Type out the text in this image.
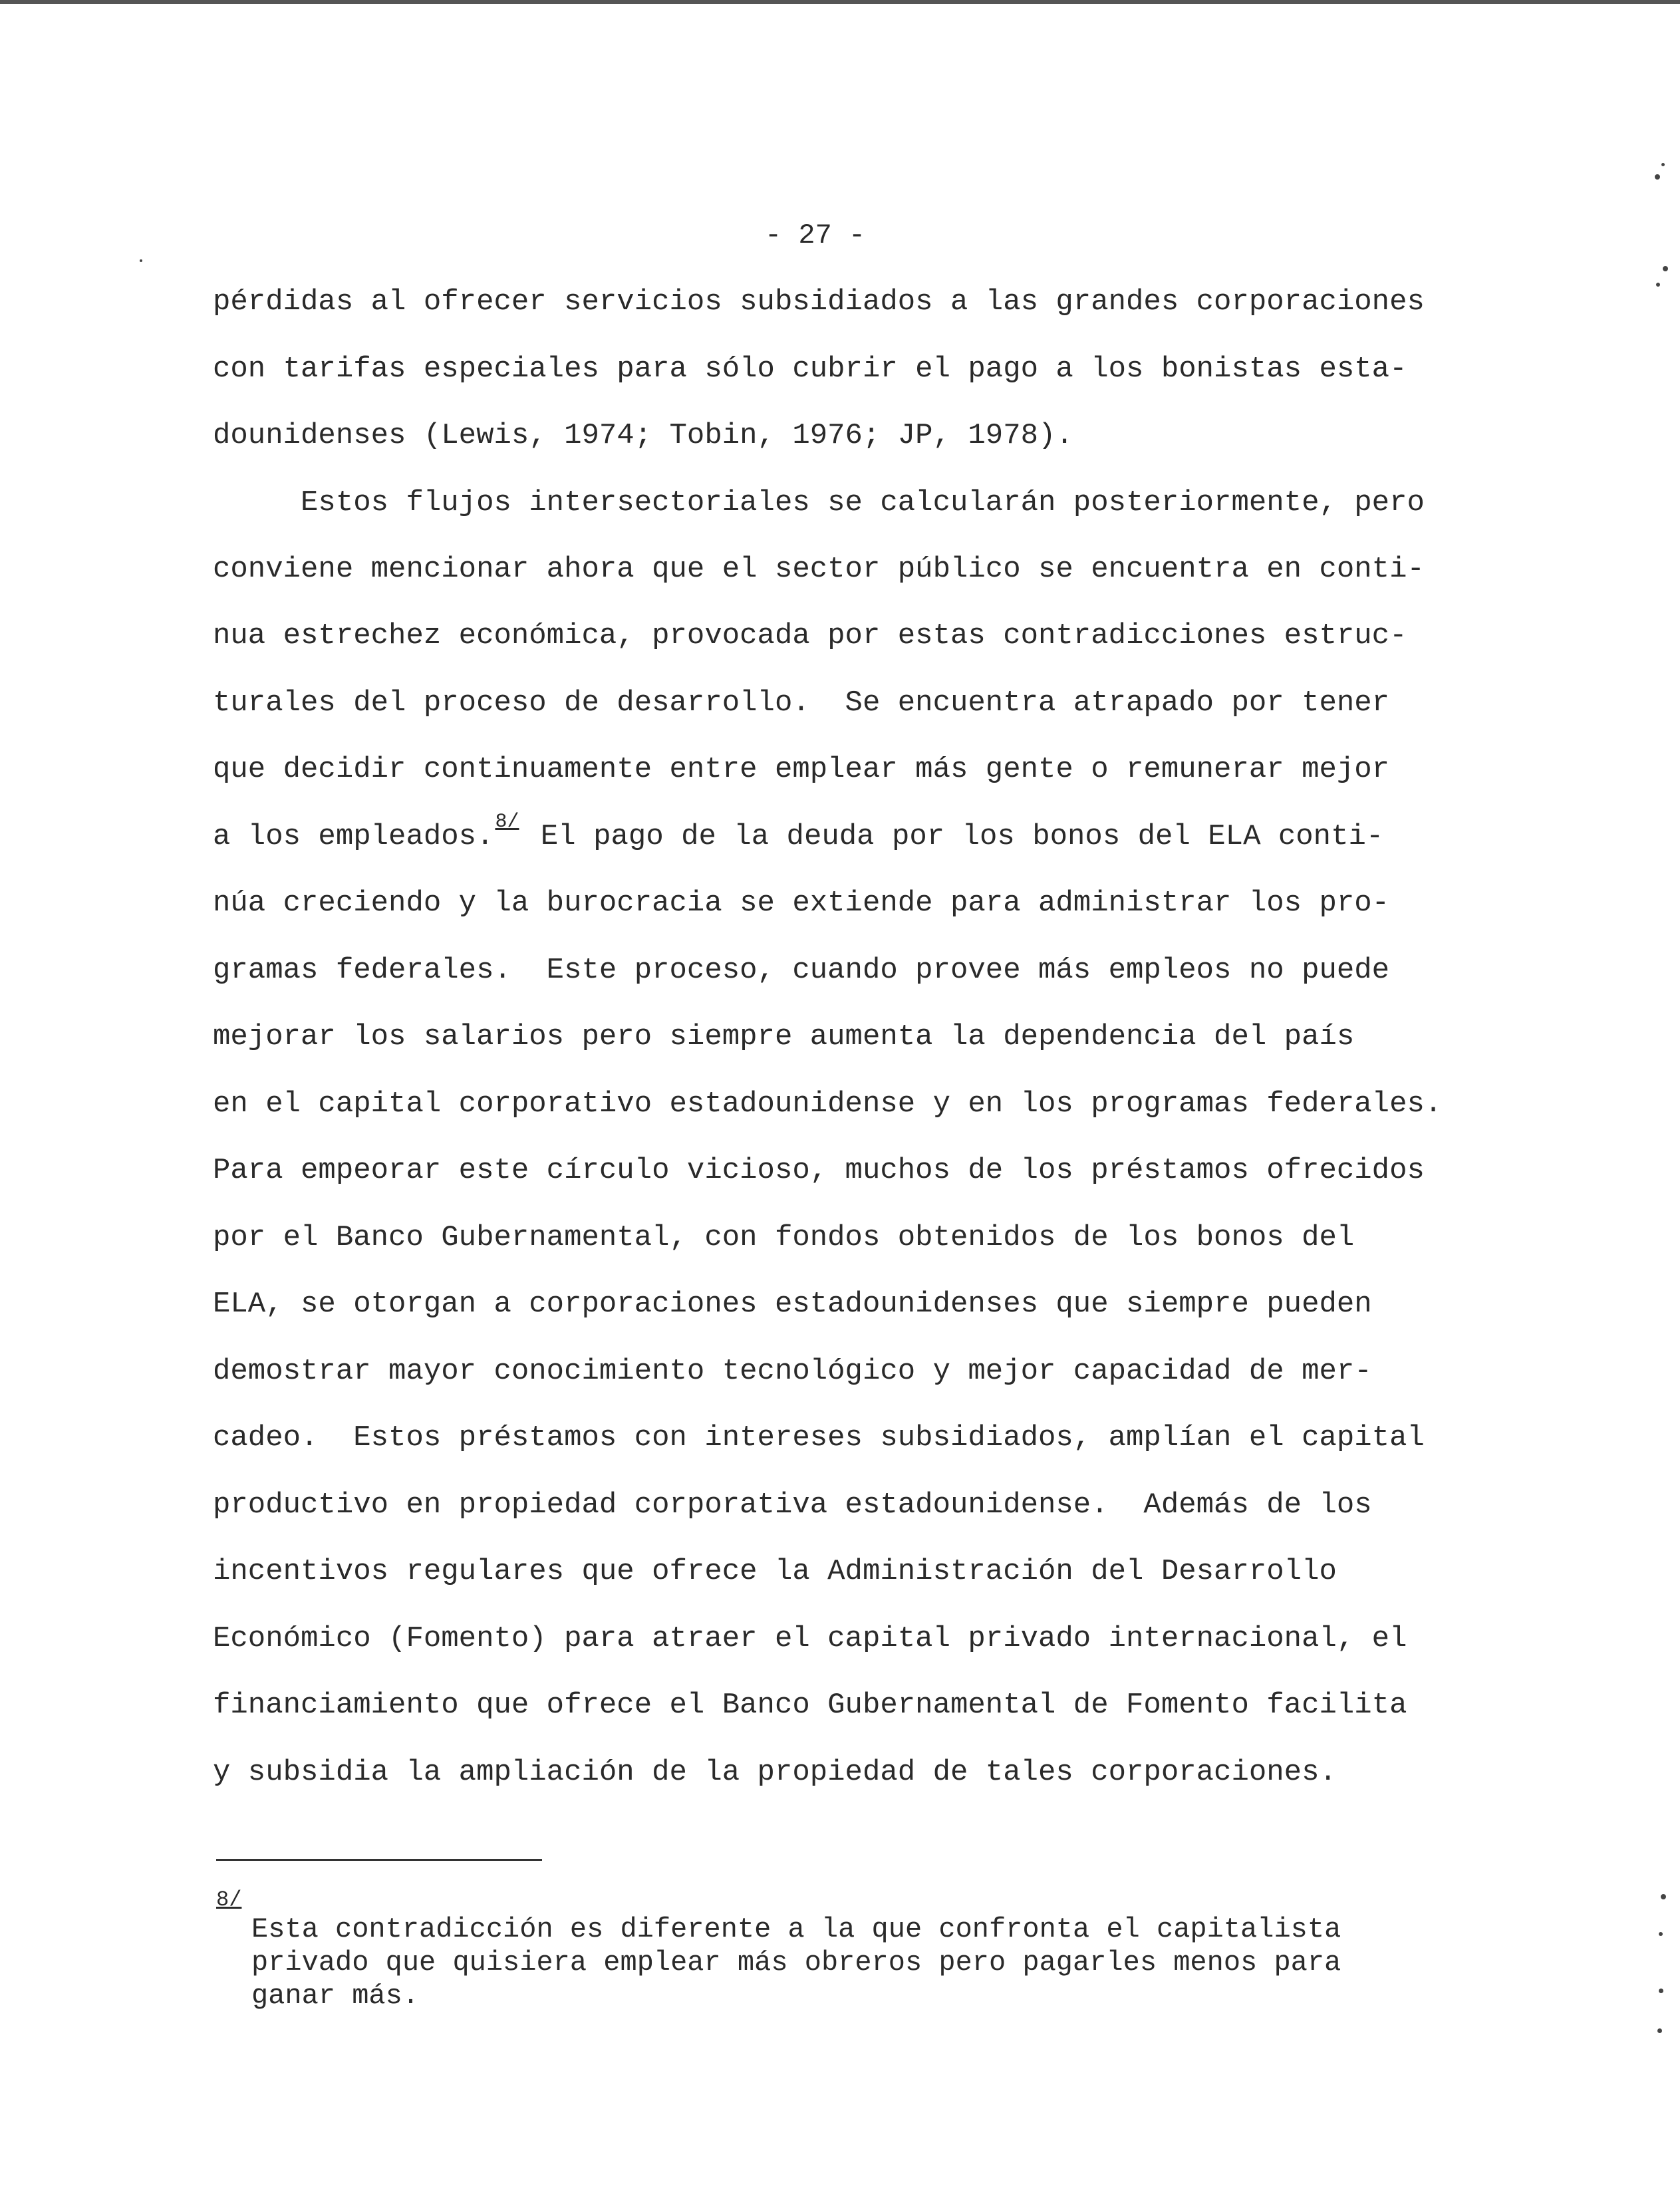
- 27 -
pérdidas al ofrecer servicios subsidiados a las grandes corporaciones
con tarifas especiales para sólo cubrir el pago a los bonistas esta-
dounidenses (Lewis, 1974; Tobin, 1976; JP, 1978).
Estos flujos intersectoriales se calcularán posteriormente, pero
conviene mencionar ahora que el sector público se encuentra en conti-
nua estrechez económica, provocada por estas contradicciones estruc-
turales del proceso de desarrollo.  Se encuentra atrapado por tener
que decidir continuamente entre emplear más gente o remunerar mejor
a los empleados.$^{8/}$ El pago de la deuda por los bonos del ELA conti-
núa creciendo y la burocracia se extiende para administrar los pro-
gramas federales.  Este proceso, cuando provee más empleos no puede
mejorar los salarios pero siempre aumenta la dependencia del país
en el capital corporativo estadounidense y en los programas federales.
Para empeorar este círculo vicioso, muchos de los préstamos ofrecidos
por el Banco Gubernamental, con fondos obtenidos de los bonos del
ELA, se otorgan a corporaciones estadounidenses que siempre pueden
demostrar mayor conocimiento tecnológico y mejor capacidad de mer-
cadeo.  Estos préstamos con intereses subsidiados, amplían el capital
productivo en propiedad corporativa estadounidense.  Además de los
incentivos regulares que ofrece la Administración del Desarrollo
Económico (Fomento) para atraer el capital privado internacional, el
financiamiento que ofrece el Banco Gubernamental de Fomento facilita
y subsidia la ampliación de la propiedad de tales corporaciones.
8/
Esta contradicción es diferente a la que confronta el capitalista
privado que quisiera emplear más obreros pero pagarles menos para
ganar más.
